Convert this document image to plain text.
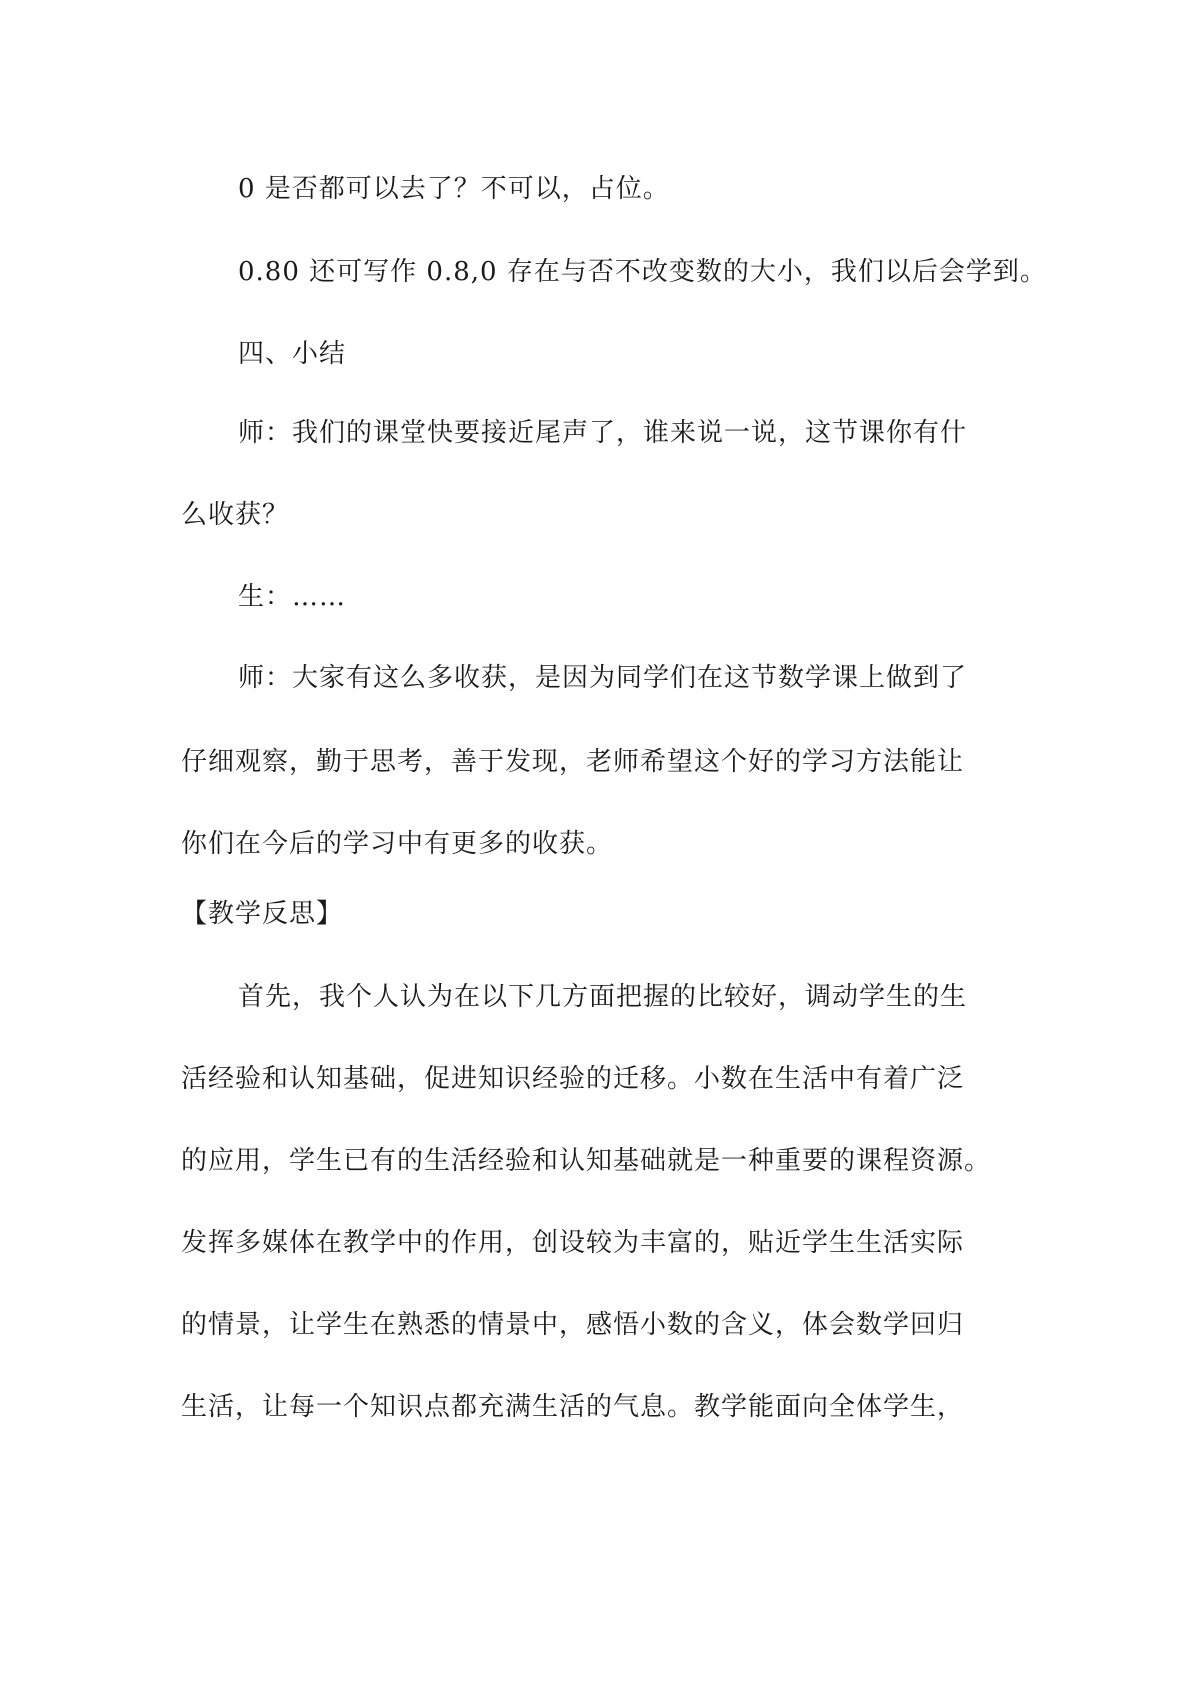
0 是否都可以去了？不可以，占位。
0.80 还可写作 0.8,0 存在与否不改变数的大小，我们以后会学到。
四、小结
师：我们的课堂快要接近尾声了，谁来说一说，这节课你有什
么收获？
生：……
师：大家有这么多收获，是因为同学们在这节数学课上做到了
仔细观察，勤于思考，善于发现，老师希望这个好的学习方法能让
你们在今后的学习中有更多的收获。
【教学反思】
首先，我个人认为在以下几方面把握的比较好，调动学生的生
活经验和认知基础，促进知识经验的迁移。小数在生活中有着广泛
的应用，学生已有的生活经验和认知基础就是一种重要的课程资源。
发挥多媒体在教学中的作用，创设较为丰富的，贴近学生生活实际
的情景，让学生在熟悉的情景中，感悟小数的含义，体会数学回归
生活，让每一个知识点都充满生活的气息。教学能面向全体学生，
